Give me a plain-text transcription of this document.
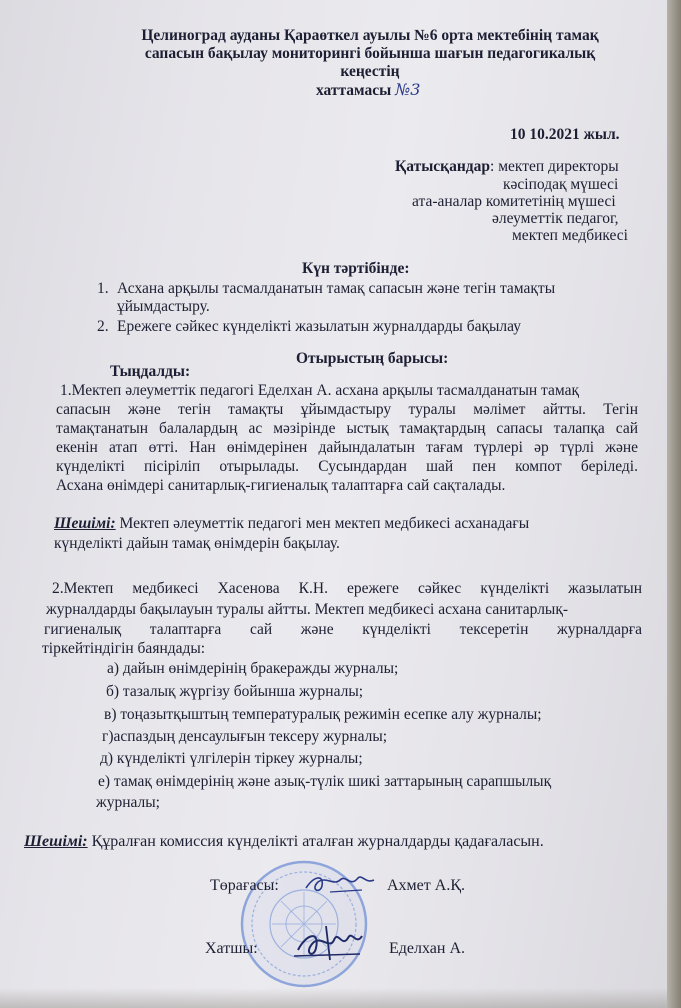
Целиноград ауданы Қараөткел ауылы №6 орта мектебінің тамақ
сапасын бақылау мониторингі бойынша шағын педагогикалық
кеңестің
хаттамасы №3
10 10.2021 жыл.
Қатысқандар: мектеп директоры
кәсіподақ мүшесі
ата-аналар комитетінің мүшесі
әлеуметтік педагог,
мектеп медбикесі
Күн тәртібінде:
1. Асхана арқылы тасмалданатын тамақ сапасын және тегін тамақты
ұйымдастыру.
2. Ережеге сәйкес күнделікті жазылатын журналдарды бақылау
Отырыстың барысы:
Тыңдалды:
1.Мектеп әлеуметтік педагогі Еделхан А. асхана арқылы тасмалданатын тамақ
сапасын және тегін тамақты ұйымдастыру туралы мәлімет айтты. Тегін
тамақтанатын балалардың ас мәзірінде ыстық тамақтардың сапасы талапқа сай
екенін атап өтті. Нан өнімдерінен дайындалатын тағам түрлері әр түрлі және
күнделікті пісіріліп отырылады. Сусындардан шай пен компот беріледі.
Асхана өнімдері санитарлық-гигиеналық талаптарға сай сақталады.
Шешімі: Мектеп әлеуметтік педагогі мен мектеп медбикесі асханадағы
күнделікті дайын тамақ өнімдерін бақылау.
2.Мектеп медбикесі Хасенова К.Н. ережеге сәйкес күнделікті жазылатын
журналдарды бақылауын туралы айтты. Мектеп медбикесі асхана санитарлық-
гигиеналық талаптарға сай және күнделікті тексеретін журналдарға
тіркейтіндігін баяндады:
а) дайын өнімдерінің бракеражды журналы;
б) тазалық жүргізу бойынша журналы;
в) тоңазытқыштың температуралық режимін есепке алу журналы;
г)аспаздың денсаулығын тексеру журналы;
д) күнделікті үлгілерін тіркеу журналы;
е) тамақ өнімдерінің және азық-түлік шикі заттарының сарапшылық
журналы;
Шешімі: Құралған комиссия күнделікті аталған журналдарды қадағаласын.
Төрағасы:	Ахмет А.Қ.
Хатшы:	Еделхан А.
